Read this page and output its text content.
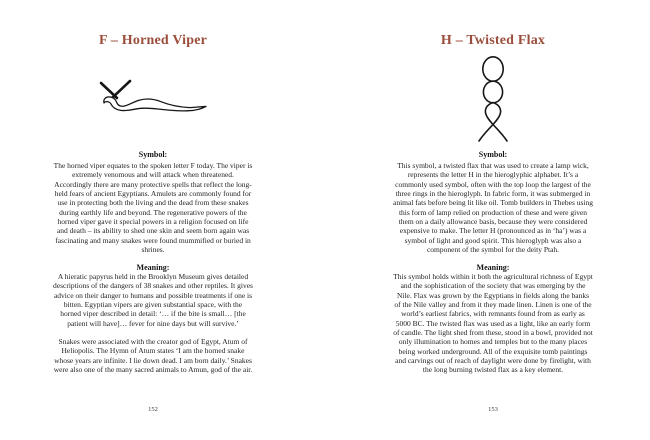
F – Horned Viper
Symbol:

The horned viper equates to the spoken letter F today. The viper is extremely venomous and will attack when threatened. Accordingly there are many protective spells that reflect the long-held fears of ancient Egyptians. Amulets are commonly found for use in protecting both the living and the dead from these snakes during earthly life and beyond. The regenerative powers of the horned viper gave it special powers in a religion focused on life and death – its ability to shed one skin and seem born again was fascinating and many snakes were found mummified or buried in shrines.

Meaning:

A hieratic papyrus held in the Brooklyn Museum gives detailed descriptions of the dangers of 38 snakes and other reptiles. It gives advice on their danger to humans and possible treatments if one is bitten. Egyptian vipers are given substantial space, with the horned viper described in detail: ‘… if the bite is small… [the patient will have]… fever for nine days but will survive.’

Snakes were associated with the creator god of Egypt, Atum of Heliopolis. The Hymn of Atum states ‘I am the horned snake whose years are infinite. I lie down dead. I am born daily.’ Snakes were also one of the many sacred animals to Amun, god of the air.

152
H – Twisted Flax
Symbol:

This symbol, a twisted flax that was used to create a lamp wick, represents the letter H in the hieroglyphic alphabet. It’s a commonly used symbol, often with the top loop the largest of the three rings in the hieroglyph. In fabric form, it was submerged in animal fats before being lit like oil. Tomb builders in Thebes using this form of lamp relied on production of these and were given them on a daily allowance basis, because they were considered expensive to make. The letter H (pronounced as in ‘ha’) was a symbol of light and good spirit. This hieroglyph was also a component of the symbol for the deity Ptah.

Meaning:

This symbol holds within it both the agricultural richness of Egypt and the sophistication of the society that was emerging by the Nile. Flax was grown by the Egyptians in fields along the banks of the Nile valley and from it they made linen. Linen is one of the world’s earliest fabrics, with remnants found from as early as 5000 BC. The twisted flax was used as a light, like an early form of candle. The light shed from these, stood in a bowl, provided not only illumination to homes and temples but to the many places being worked underground. All of the exquisite tomb paintings and carvings out of reach of daylight were done by firelight, with the long burning twisted flax as a key element.

153
